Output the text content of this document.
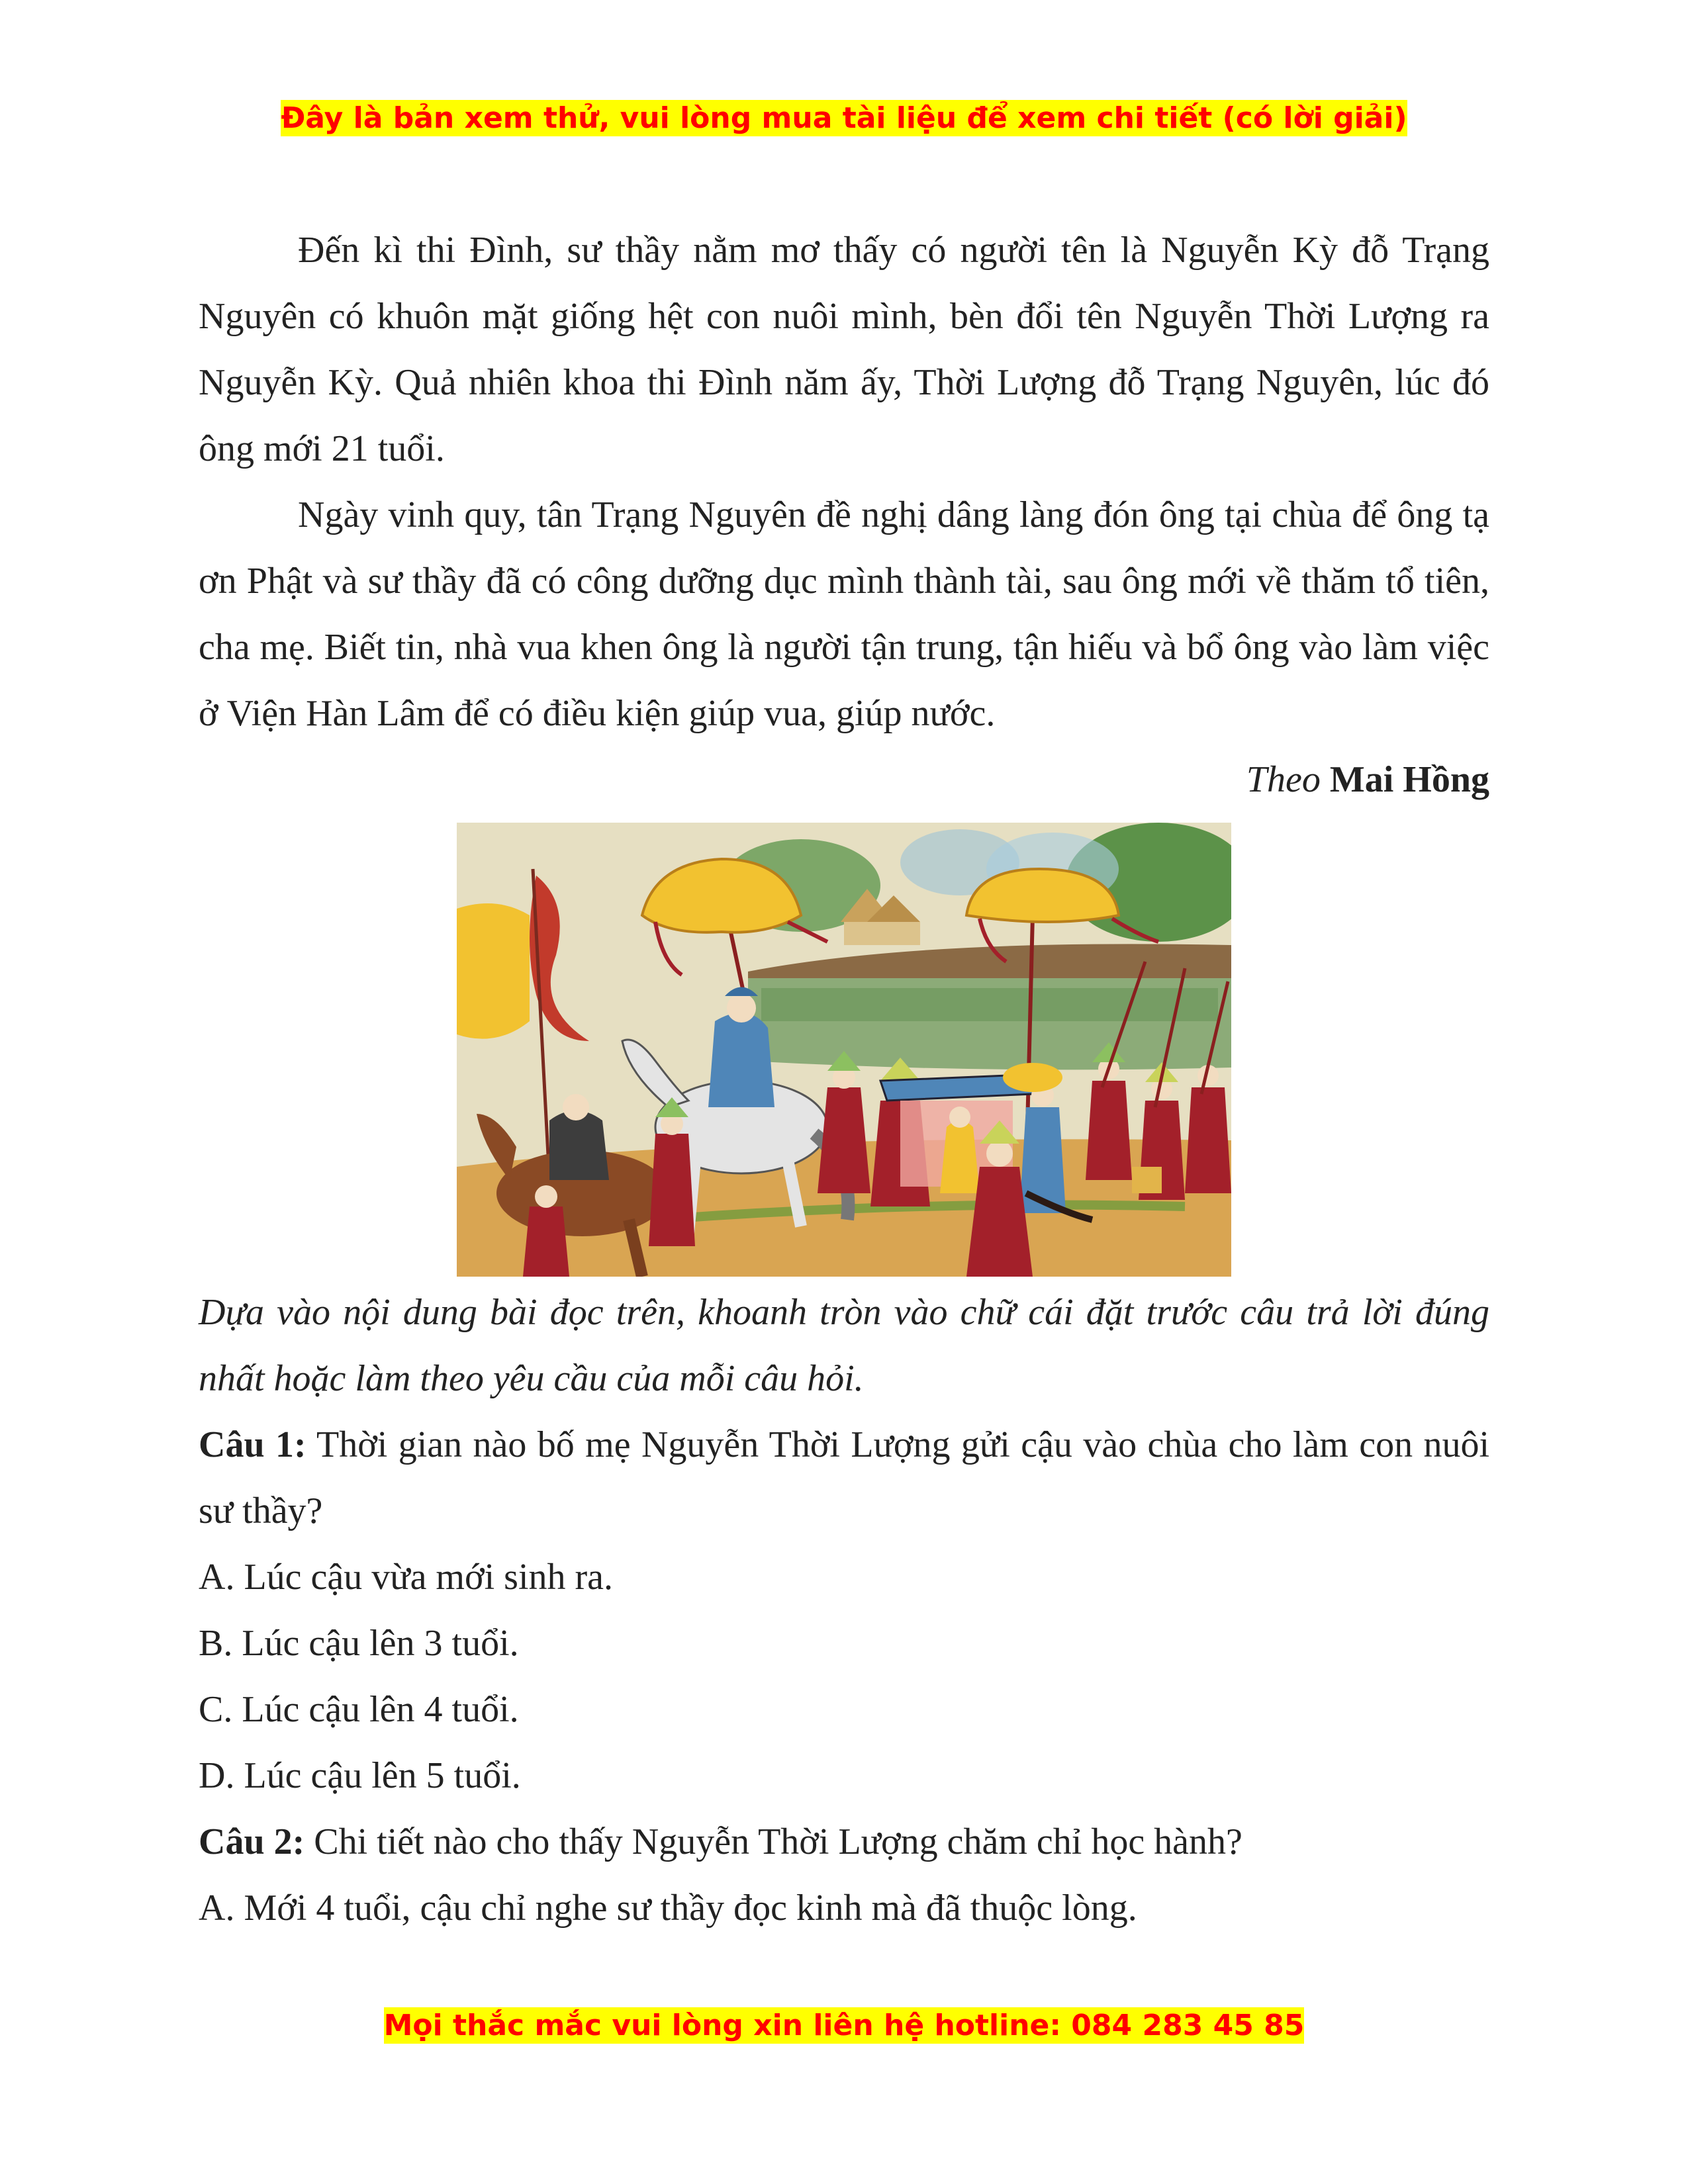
Đây là bản xem thử, vui lòng mua tài liệu để xem chi tiết (có lời giải)

Đến kì thi Đình, sư thầy nằm mơ thấy có người tên là Nguyễn Kỳ đỗ Trạng Nguyên có khuôn mặt giống hệt con nuôi mình, bèn đổi tên Nguyễn Thời Lượng ra Nguyễn Kỳ. Quả nhiên khoa thi Đình năm ấy, Thời Lượng đỗ Trạng Nguyên, lúc đó ông mới 21 tuổi.

Ngày vinh quy, tân Trạng Nguyên đề nghị dâng làng đón ông tại chùa để ông tạ ơn Phật và sư thầy đã có công dưỡng dục mình thành tài, sau ông mới về thăm tổ tiên, cha mẹ. Biết tin, nhà vua khen ông là người tận trung, tận hiếu và bổ ông vào làm việc ở Viện Hàn Lâm để có điều kiện giúp vua, giúp nước.

Theo Mai Hồng

Dựa vào nội dung bài đọc trên, khoanh tròn vào chữ cái đặt trước câu trả lời đúng nhất hoặc làm theo yêu cầu của mỗi câu hỏi.

Câu 1: Thời gian nào bố mẹ Nguyễn Thời Lượng gửi cậu vào chùa cho làm con nuôi sư thầy?

A. Lúc cậu vừa mới sinh ra.

B. Lúc cậu lên 3 tuổi.

C. Lúc cậu lên 4 tuổi.

D. Lúc cậu lên 5 tuổi.

Câu 2: Chi tiết nào cho thấy Nguyễn Thời Lượng chăm chỉ học hành?

A. Mới 4 tuổi, cậu chỉ nghe sư thầy đọc kinh mà đã thuộc lòng.

Mọi thắc mắc vui lòng xin liên hệ hotline: 084 283 45 85
